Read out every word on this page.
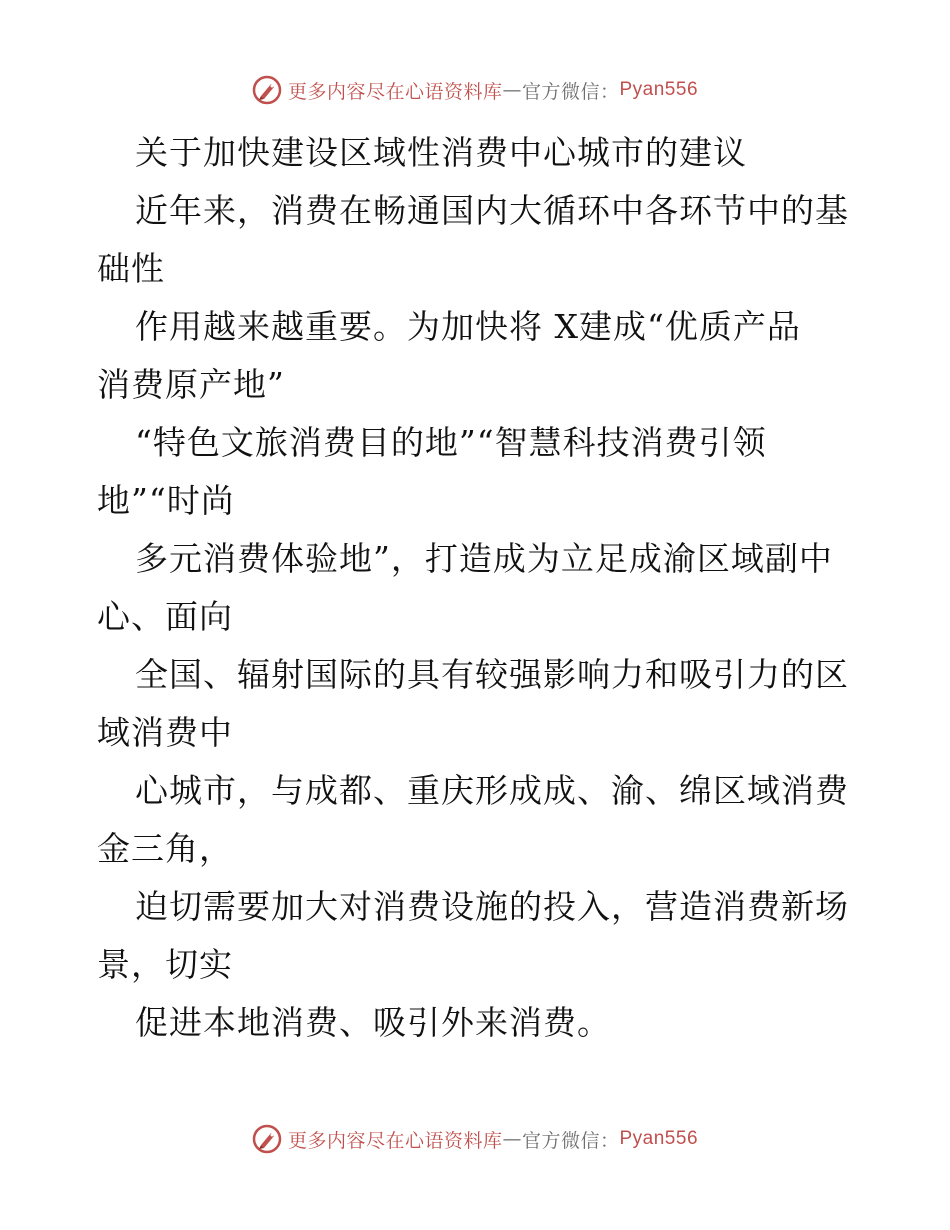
更多内容尽在心语资料库 — 官方微信： Pyan556
关于加快建设区域性消费中心城市的建议
近年来，消费在畅通国内大循环中各环节中的基
础性
作用越来越重要。为加快将 X建成“优质产品
消费原产地”
“特色文旅消费目的地”“智慧科技消费引领
地”“时尚
多元消费体验地”，打造成为立足成渝区域副中
心、面向
全国、辐射国际的具有较强影响力和吸引力的区
域消费中
心城市，与成都、重庆形成成、渝、绵区域消费
金三角，
迫切需要加大对消费设施的投入，营造消费新场
景，切实
促进本地消费、吸引外来消费。
更多内容尽在心语资料库 — 官方微信： Pyan556
